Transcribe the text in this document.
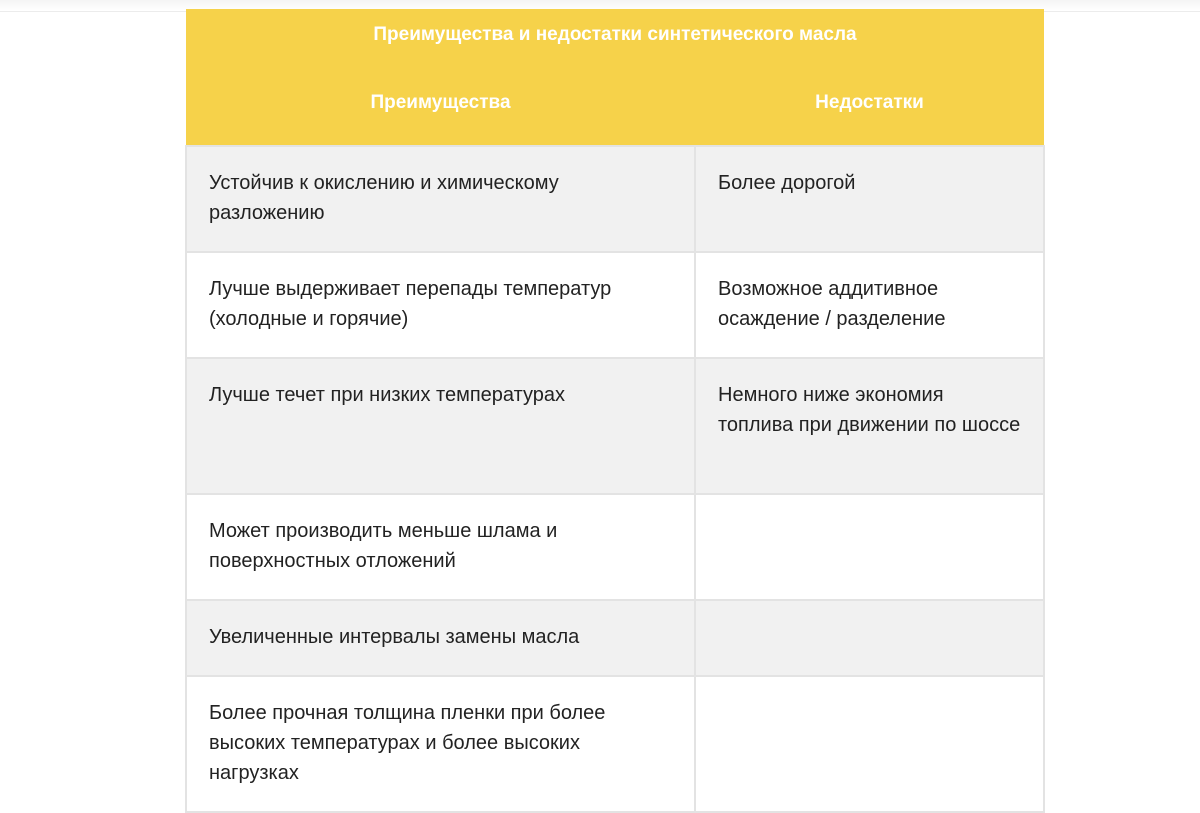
Преимущества и недостатки синтетического масла	
Преимущества	Недостатки
Устойчив к окислению и химическому разложению	Более дорогой
Лучше выдерживает перепады температур (холодные и горячие)	Возможное аддитивное осаждение / разделение
Лучше течет при низких температурах	Немного ниже экономия топлива при движении по шоссе
Может производить меньше шлама и поверхностных отложений	
Увеличенные интервалы замены масла	
Более прочная толщина пленки при более высоких температурах и более высоких нагрузках	
